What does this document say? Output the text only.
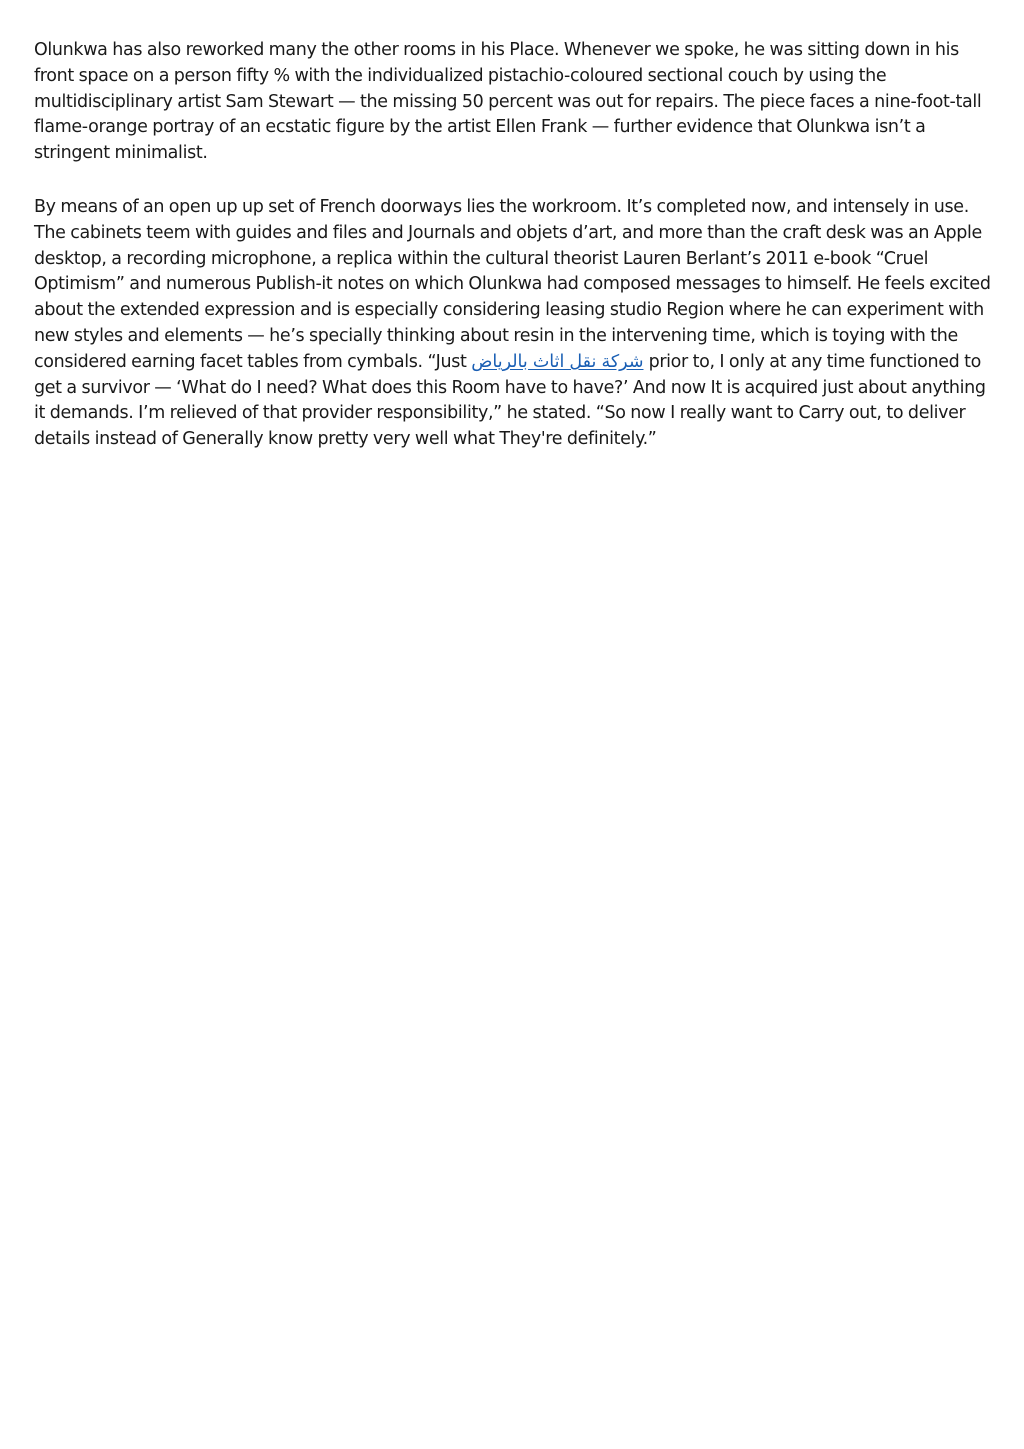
Olunkwa has also reworked many the other rooms in his Place. Whenever we spoke, he was sitting down in his front space on a person fifty % with the individualized pistachio-coloured sectional couch by using the multidisciplinary artist Sam Stewart — the missing 50 percent was out for repairs. The piece faces a nine-foot-tall flame-orange portray of an ecstatic figure by the artist Ellen Frank — further evidence that Olunkwa isn’t a stringent minimalist.

By means of an open up up set of French doorways lies the workroom. It’s completed now, and intensely in use. The cabinets teem with guides and files and Journals and objets d’art, and more than the craft desk was an Apple desktop, a recording microphone, a replica within the cultural theorist Lauren Berlant’s 2011 e-book “Cruel Optimism” and numerous Publish-it notes on which Olunkwa had composed messages to himself. He feels excited about the extended expression and is especially considering leasing studio Region where he can experiment with new styles and elements — he’s specially thinking about resin in the intervening time, which is toying with the considered earning facet tables from cymbals. “Just شركة نقل اثاث بالرياض prior to, I only at any time functioned to get a survivor — ‘What do I need? What does this Room have to have?’ And now It is acquired just about anything it demands. I’m relieved of that provider responsibility,” he stated. “So now I really want to Carry out, to deliver details instead of Generally know pretty very well what They're definitely.”
